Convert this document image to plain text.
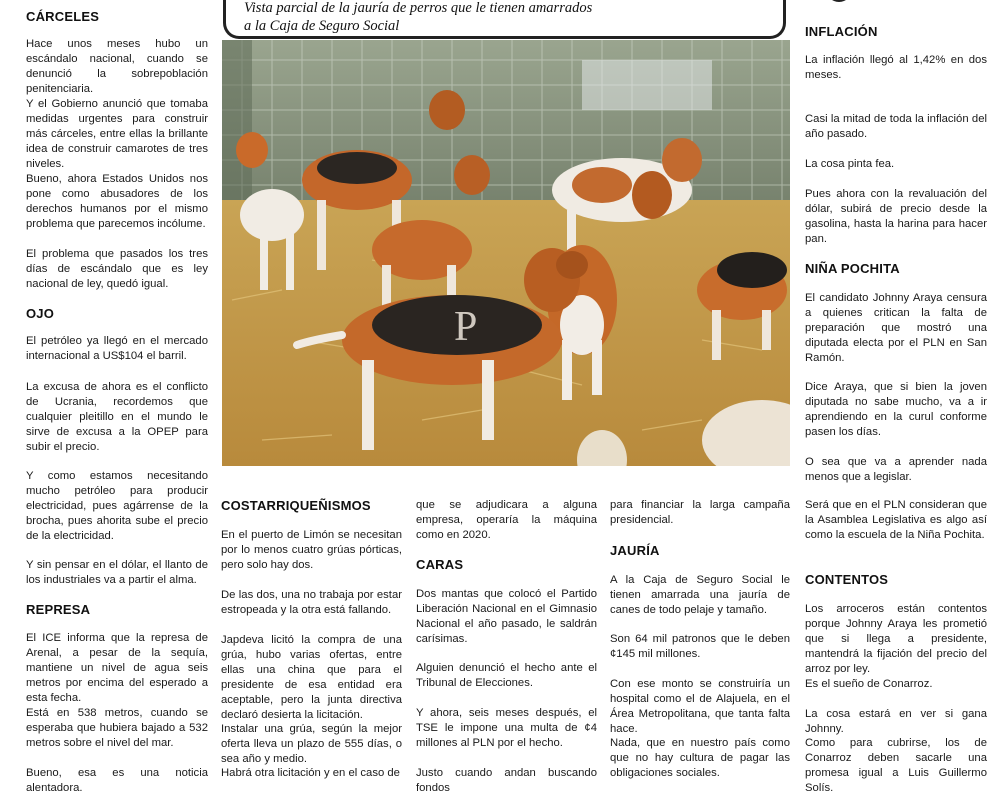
Vista parcial de la jauría de perros que le tienen amarrados
a la Caja de Seguro Social
P
CÁRCELES

Hace unos meses hubo un escándalo nacional, cuando se denunció la sobrepoblación penitenciaria.

Y el Gobierno anunció que tomaba medidas urgentes para construir más cárceles, entre ellas la brillante idea de construir camarotes de tres niveles.

Bueno, ahora Estados Unidos nos pone como abusadores de los derechos humanos por el mismo problema que parecemos incólume.

El problema que pasados los tres días de escándalo que es ley nacional de ley, quedó igual.

OJO

El petróleo ya llegó en el mercado internacional a US$104 el barril.

La excusa de ahora es el conflicto de Ucrania, recordemos que cualquier pleitillo en el mundo le sirve de excusa a la OPEP para subir el precio.

Y como estamos necesitando mucho petróleo para producir electricidad, pues agárrense de la brocha, pues ahorita sube el precio de la electricidad.

Y sin pensar en el dólar, el llanto de los industriales va a partir el alma.

REPRESA

El ICE informa que la represa de Arenal, a pesar de la sequía, mantiene un nivel de agua seis metros por encima del esperado a esta fecha.

Está en 538 metros, cuando se esperaba que hubiera bajado a 532 metros sobre el nivel del mar.

Bueno, esa es una noticia alentadora.

COSTARRIQUEÑISMOS

En el puerto de Limón se necesitan por lo menos cuatro grúas pórticas, pero solo hay dos.

De las dos, una no trabaja por estar estropeada y la otra está fallando.

Japdeva licitó la compra de una grúa, hubo varias ofertas, entre ellas una china que para el presidente de esa entidad era aceptable, pero la junta directiva declaró desierta la licitación.

Instalar una grúa, según la mejor oferta lleva un plazo de 555 días, o sea año y medio.

Habrá otra licitación y en el caso de

que se adjudicara a alguna empresa, operaría la máquina como en 2020.

CARAS

Dos mantas que colocó el Partido Liberación Nacional en el Gimnasio Nacional el año pasado, le saldrán carísimas.

Alguien denunció el hecho ante el Tribunal de Elecciones.

Y ahora, seis meses después, el TSE le impone una multa de ¢4 millones al PLN por el hecho.

Justo cuando andan buscando fondos

para financiar la larga campaña presidencial.

JAURÍA

A la Caja de Seguro Social le tienen amarrada una jauría de canes de todo pelaje y tamaño.

Son 64 mil patronos que le deben ¢145 mil millones.

Con ese monto se construiría un hospital como el de Alajuela, en el Área Metropolitana, que tanta falta hace.

Nada, que en nuestro país como que no hay cultura de pagar las obligaciones sociales.

INFLACIÓN

La inflación llegó al 1,42% en dos meses.

Casi la mitad de toda la inflación del año pasado.

La cosa pinta fea.

Pues ahora con la revaluación del dólar, subirá de precio desde la gasolina, hasta la harina para hacer pan.

NIÑA POCHITA

El candidato Johnny Araya censura a quienes critican la falta de preparación que mostró una diputada electa por el PLN en San Ramón.

Dice Araya, que si bien la joven diputada no sabe mucho, va a ir aprendiendo en la curul conforme pasen los días.

O sea que va a aprender nada menos que a legislar.

Será que en el PLN consideran que la Asamblea Legislativa es algo así como la escuela de la Niña Pochita.

CONTENTOS

Los arroceros están contentos porque Johnny Araya les prometió que si llega a presidente, mantendrá la fijación del precio del arroz por ley.

Es el sueño de Conarroz.

La cosa estará en ver si gana Johnny.

Como para cubrirse, los de Conarroz deben sacarle una promesa igual a Luis Guillermo Solís.
